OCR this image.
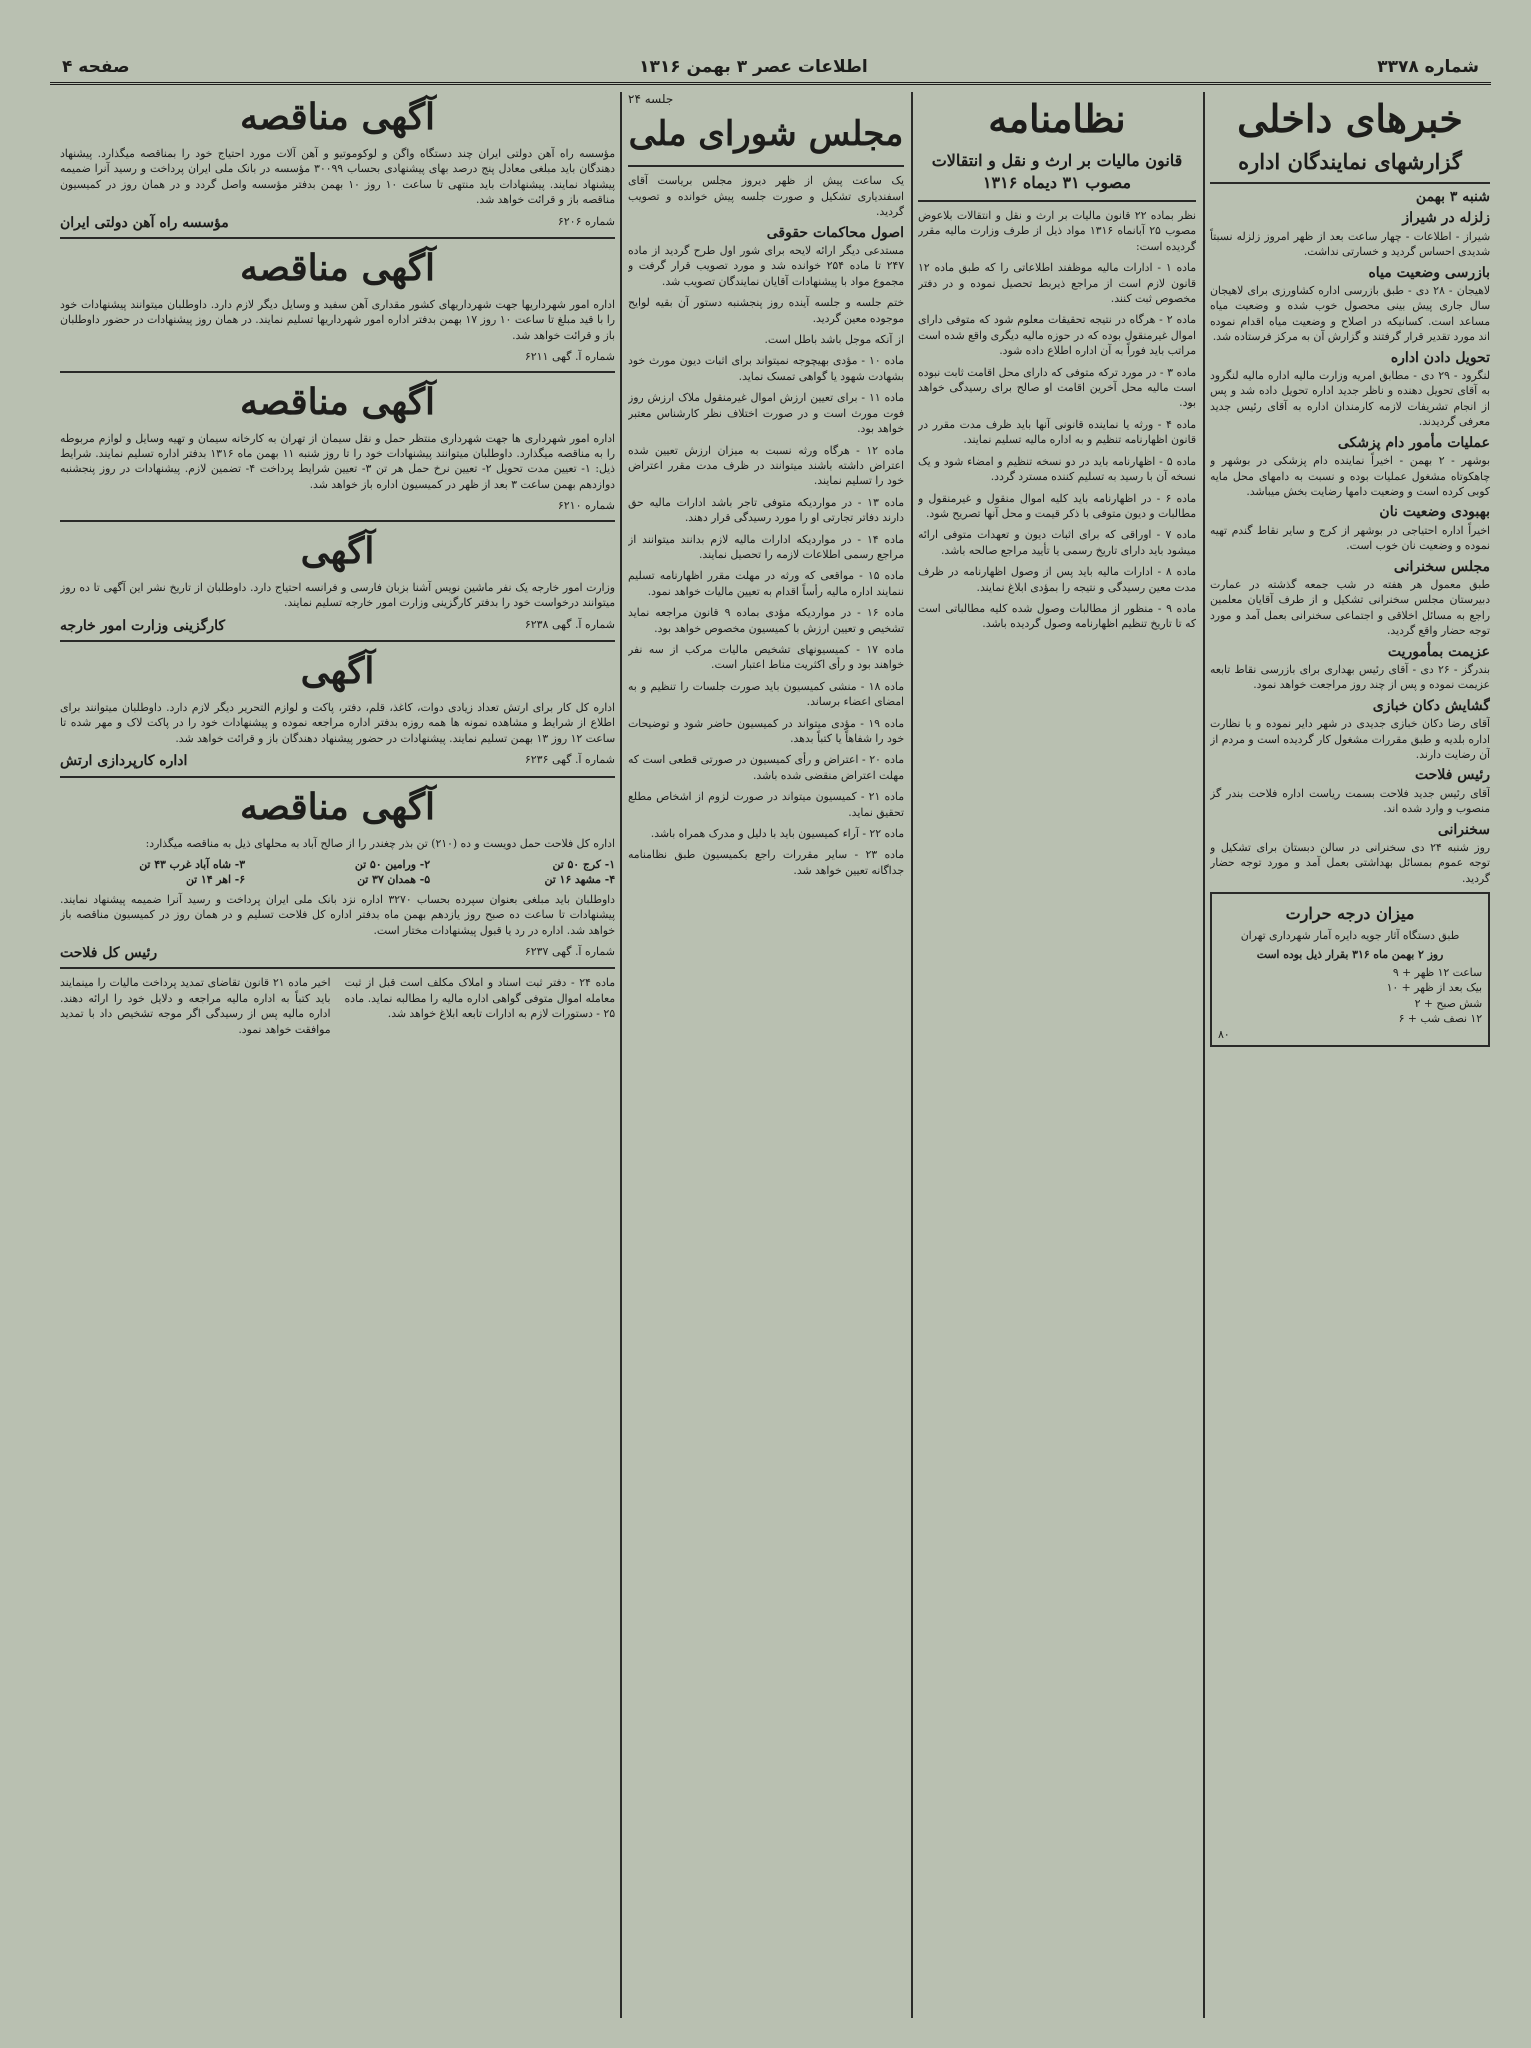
شماره ۳۳۷۸
اطلاعات عصر ۳ بهمن ۱۳۱۶
صفحه ۴
خبرهای داخلی
گزارشهای نمایندگان اداره
شنبه ۳ بهمن
زلزله در شیراز

شیراز - اطلاعات - چهار ساعت بعد از ظهر امروز زلزله نسبتاً شدیدی احساس گردید و خسارتی نداشت.

بازرسی وضعیت میاه

لاهیجان - ۲۸ دی - طبق بازرسی اداره کشاورزی برای لاهیجان سال جاری پیش بینی محصول خوب شده و وضعیت میاه مساعد است. کسانیکه در اصلاح و وضعیت میاه اقدام نموده اند مورد تقدیر قرار گرفتند و گزارش آن به مرکز فرستاده شد.

تحویل دادن اداره

لنگرود - ۲۹ دی - مطابق امریه وزارت مالیه اداره مالیه لنگرود به آقای تحویل دهنده و ناظر جدید اداره تحویل داده شد و پس از انجام تشریفات لازمه کارمندان اداره به آقای رئیس جدید معرفی گردیدند.

عملیات مأمور دام پزشکی

بوشهر - ۲ بهمن - اخیراً نماینده دام پزشکی در بوشهر و چاهکوتاه مشغول عملیات بوده و نسبت به دامهای محل مایه کوبی کرده است و وضعیت دامها رضایت بخش میباشد.

بهبودی وضعیت نان

اخیراً اداره احتیاجی در بوشهر از کرج و سایر نقاط گندم تهیه نموده و وضعیت نان خوب است.

مجلس سخنرانی

طبق معمول هر هفته در شب جمعه گذشته در عمارت دبیرستان مجلس سخنرانی تشکیل و از طرف آقایان معلمین راجع به مسائل اخلاقی و اجتماعی سخنرانی بعمل آمد و مورد توجه حضار واقع گردید.

عزیمت بمأموریت

بندرگز - ۲۶ دی - آقای رئیس بهداری برای بازرسی نقاط تابعه عزیمت نموده و پس از چند روز مراجعت خواهد نمود.

گشایش دکان خبازی

آقای رضا دکان خبازی جدیدی در شهر دایر نموده و با نظارت اداره بلدیه و طبق مقررات مشغول کار گردیده است و مردم از آن رضایت دارند.

رئیس فلاحت

آقای رئیس جدید فلاحت بسمت ریاست اداره فلاحت بندر گز منصوب و وارد شده اند.

سخنرانی

روز شنبه ۲۴ دی سخنرانی در سالن دبستان برای تشکیل و توجه عموم بمسائل بهداشتی بعمل آمد و مورد توجه حضار گردید.

میزان درجه حرارت
طبق دستگاه آثار جویه دایره آمار شهرداری تهران
روز ۲ بهمن ماه ۳۱۶ بقرار ذیل بوده است
ساعت ۱۲ ظهر + ۹
بیک بعد از ظهر + ۱۰
شش صبح + ۲
۱۲ نصف شب + ۶
۸۰
نظامنامه
قانون مالیات بر ارث و نقل و انتقالات مصوب ۳۱ دیماه ۱۳۱۶

نظر بماده ۲۲ قانون مالیات بر ارث و نقل و انتقالات بلاعوض مصوب ۲۵ آبانماه ۱۳۱۶ مواد ذیل از طرف وزارت مالیه مقرر گردیده است:

ماده ۱ - ادارات مالیه موظفند اطلاعاتی را که طبق ماده ۱۲ قانون لازم است از مراجع ذیربط تحصیل نموده و در دفتر مخصوص ثبت کنند.

ماده ۲ - هرگاه در نتیجه تحقیقات معلوم شود که متوفی دارای اموال غیرمنقول بوده که در حوزه مالیه دیگری واقع شده است مراتب باید فوراً به آن اداره اطلاع داده شود.

ماده ۳ - در مورد ترکه متوفی که دارای محل اقامت ثابت نبوده است مالیه محل آخرین اقامت او صالح برای رسیدگی خواهد بود.

ماده ۴ - ورثه یا نماینده قانونی آنها باید ظرف مدت مقرر در قانون اظهارنامه تنظیم و به اداره مالیه تسلیم نمایند.

ماده ۵ - اظهارنامه باید در دو نسخه تنظیم و امضاء شود و یک نسخه آن با رسید به تسلیم کننده مسترد گردد.

ماده ۶ - در اظهارنامه باید کلیه اموال منقول و غیرمنقول و مطالبات و دیون متوفی با ذکر قیمت و محل آنها تصریح شود.

ماده ۷ - اوراقی که برای اثبات دیون و تعهدات متوفی ارائه میشود باید دارای تاریخ رسمی یا تأیید مراجع صالحه باشد.

ماده ۸ - ادارات مالیه باید پس از وصول اظهارنامه در ظرف مدت معین رسیدگی و نتیجه را بمؤدی ابلاغ نمایند.

ماده ۹ - منظور از مطالبات وصول شده کلیه مطالباتی است که تا تاریخ تنظیم اظهارنامه وصول گردیده باشد.

جلسه ۲۴
مجلس شورای ملی

یک ساعت پیش از ظهر دیروز مجلس بریاست آقای اسفندیاری تشکیل و صورت جلسه پیش خوانده و تصویب گردید.

اصول محاکمات حقوقی

مستدعی دیگر ارائه لایحه برای شور اول طرح گردید از ماده ۲۴۷ تا ماده ۲۵۴ خوانده شد و مورد تصویب قرار گرفت و مجموع مواد با پیشنهادات آقایان نمایندگان تصویب شد.

ختم جلسه و جلسه آینده روز پنجشنبه دستور آن بقیه لوایح موجوده معین گردید.

از آنکه موجل باشد باطل است.

ماده ۱۰ - مؤدی بهیچوجه نمیتواند برای اثبات دیون مورث خود بشهادت شهود یا گواهی تمسک نماید.

ماده ۱۱ - برای تعیین ارزش اموال غیرمنقول ملاک ارزش روز فوت مورث است و در صورت اختلاف نظر کارشناس معتبر خواهد بود.

ماده ۱۲ - هرگاه ورثه نسبت به میزان ارزش تعیین شده اعتراض داشته باشند میتوانند در ظرف مدت مقرر اعتراض خود را تسلیم نمایند.

ماده ۱۳ - در مواردیکه متوفی تاجر باشد ادارات مالیه حق دارند دفاتر تجارتی او را مورد رسیدگی قرار دهند.

ماده ۱۴ - در مواردیکه ادارات مالیه لازم بدانند میتوانند از مراجع رسمی اطلاعات لازمه را تحصیل نمایند.

ماده ۱۵ - مواقعی که ورثه در مهلت مقرر اظهارنامه تسلیم ننمایند اداره مالیه رأساً اقدام به تعیین مالیات خواهد نمود.

ماده ۱۶ - در مواردیکه مؤدی بماده ۹ قانون مراجعه نماید تشخیص و تعیین ارزش با کمیسیون مخصوص خواهد بود.

ماده ۱۷ - کمیسیونهای تشخیص مالیات مرکب از سه نفر خواهند بود و رأی اکثریت مناط اعتبار است.

ماده ۱۸ - منشی کمیسیون باید صورت جلسات را تنظیم و به امضای اعضاء برساند.

ماده ۱۹ - مؤدی میتواند در کمیسیون حاضر شود و توضیحات خود را شفاهاً یا کتباً بدهد.

ماده ۲۰ - اعتراض و رأی کمیسیون در صورتی قطعی است که مهلت اعتراض منقضی شده باشد.

ماده ۲۱ - کمیسیون میتواند در صورت لزوم از اشخاص مطلع تحقیق نماید.

ماده ۲۲ - آراء کمیسیون باید با دلیل و مدرک همراه باشد.

ماده ۲۳ - سایر مقررات راجع بکمیسیون طبق نظامنامه جداگانه تعیین خواهد شد.

آگهی مناقصه

مؤسسه راه آهن دولتی ایران چند دستگاه واگن و لوکوموتیو و آهن آلات مورد احتیاج خود را بمناقصه میگذارد. پیشنهاد دهندگان باید مبلغی معادل پنج درصد بهای پیشنهادی بحساب ۳۰۰۹۹ مؤسسه در بانک ملی ایران پرداخت و رسید آنرا ضمیمه پیشنهاد نمایند. پیشنهادات باید منتهی تا ساعت ۱۰ روز ۱۰ بهمن بدفتر مؤسسه واصل گردد و در همان روز در کمیسیون مناقصه باز و قرائت خواهد شد.

شماره ۶۲۰۶
مؤسسه راه آهن دولتی ایران
آگهی مناقصه

اداره امور شهرداریها جهت شهرداریهای کشور مقداری آهن سفید و وسایل دیگر لازم دارد. داوطلبان میتوانند پیشنهادات خود را با قید مبلغ تا ساعت ۱۰ روز ۱۷ بهمن بدفتر اداره امور شهرداریها تسلیم نمایند. در همان روز پیشنهادات در حضور داوطلبان باز و قرائت خواهد شد.

شماره آ. گهی ۶۲۱۱
آگهی مناقصه

اداره امور شهرداری ها جهت شهرداری منتظر حمل و نقل سیمان از تهران به کارخانه سیمان و تهیه وسایل و لوازم مربوطه را به مناقصه میگذارد. داوطلبان میتوانند پیشنهادات خود را تا روز شنبه ۱۱ بهمن ماه ۱۳۱۶ بدفتر اداره تسلیم نمایند. شرایط ذیل: ۱- تعیین مدت تحویل ۲- تعیین نرخ حمل هر تن ۳- تعیین شرایط پرداخت ۴- تضمین لازم. پیشنهادات در روز پنجشنبه دوازدهم بهمن ساعت ۳ بعد از ظهر در کمیسیون اداره باز خواهد شد.

شماره ۶۲۱۰
آگهی

وزارت امور خارجه یک نفر ماشین نویس آشنا بزبان فارسی و فرانسه احتیاج دارد. داوطلبان از تاریخ نشر این آگهی تا ده روز میتوانند درخواست خود را بدفتر کارگزینی وزارت امور خارجه تسلیم نمایند.

شماره آ. گهی ۶۲۳۸
کارگزینی وزارت امور خارجه
آگهی

اداره کل کار برای ارتش تعداد زیادی دوات، کاغذ، قلم، دفتر، پاکت و لوازم التحریر دیگر لازم دارد. داوطلبان میتوانند برای اطلاع از شرایط و مشاهده نمونه ها همه روزه بدفتر اداره مراجعه نموده و پیشنهادات خود را در پاکت لاک و مهر شده تا ساعت ۱۲ روز ۱۳ بهمن تسلیم نمایند. پیشنهادات در حضور پیشنهاد دهندگان باز و قرائت خواهد شد.

شماره آ. گهی ۶۲۳۶
اداره کارپردازی ارتش
آگهی مناقصه

اداره کل فلاحت حمل دویست و ده (۲۱۰) تن بذر چغندر را از صالح آباد به محلهای ذیل به مناقصه میگذارد:

۱- کرج ۵۰ تن
۲- ورامین ۵۰ تن
۳- شاه آباد غرب ۴۳ تن
۴- مشهد ۱۶ تن
۵- همدان ۳۷ تن
۶- اهر ۱۴ تن

داوطلبان باید مبلغی بعنوان سپرده بحساب ۳۲۷۰ اداره نزد بانک ملی ایران پرداخت و رسید آنرا ضمیمه پیشنهاد نمایند. پیشنهادات تا ساعت ده صبح روز یازدهم بهمن ماه بدفتر اداره کل فلاحت تسلیم و در همان روز در کمیسیون مناقصه باز خواهد شد. اداره در رد یا قبول پیشنهادات مختار است.

شماره آ. گهی ۶۲۳۷
رئیس کل فلاحت

ماده ۲۴ - دفتر ثبت اسناد و املاک مکلف است قبل از ثبت معامله اموال متوفی گواهی اداره مالیه را مطالبه نماید. ماده ۲۵ - دستورات لازم به ادارات تابعه ابلاغ خواهد شد.

اخیر ماده ۲۱ قانون تقاضای تمدید پرداخت مالیات را مینمایند باید کتباً به اداره مالیه مراجعه و دلایل خود را ارائه دهند. اداره مالیه پس از رسیدگی اگر موجه تشخیص داد با تمدید موافقت خواهد نمود.
